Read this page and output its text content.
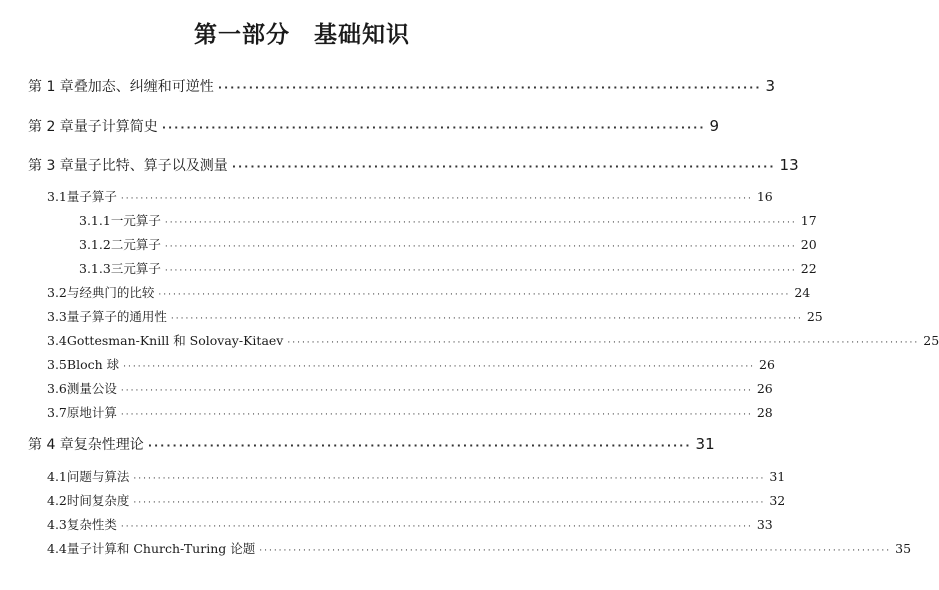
第一部分　基础知识
第 1 章 叠加态、纠缠和可逆性 ························································································ 3
第 2 章 量子计算简史 ························································································ 9
第 3 章 量子比特、算子以及测量 ························································································ 13
3.1 量子算子 ·································································································································· 16
3.1.1 一元算子 ·································································································································· 17
3.1.2 二元算子 ·································································································································· 20
3.1.3 三元算子 ·································································································································· 22
3.2 与经典门的比较 ·································································································································· 24
3.3 量子算子的通用性 ·································································································································· 25
3.4 Gottesman-Knill 和 Solovay-Kitaev ·································································································································· 25
3.5 Bloch 球 ·································································································································· 26
3.6 测量公设 ·································································································································· 26
3.7 原地计算 ·································································································································· 28
第 4 章 复杂性理论 ························································································ 31
4.1 问题与算法 ·································································································································· 31
4.2 时间复杂度 ·································································································································· 32
4.3 复杂性类 ·································································································································· 33
4.4 量子计算和 Church-Turing 论题 ·································································································································· 35
